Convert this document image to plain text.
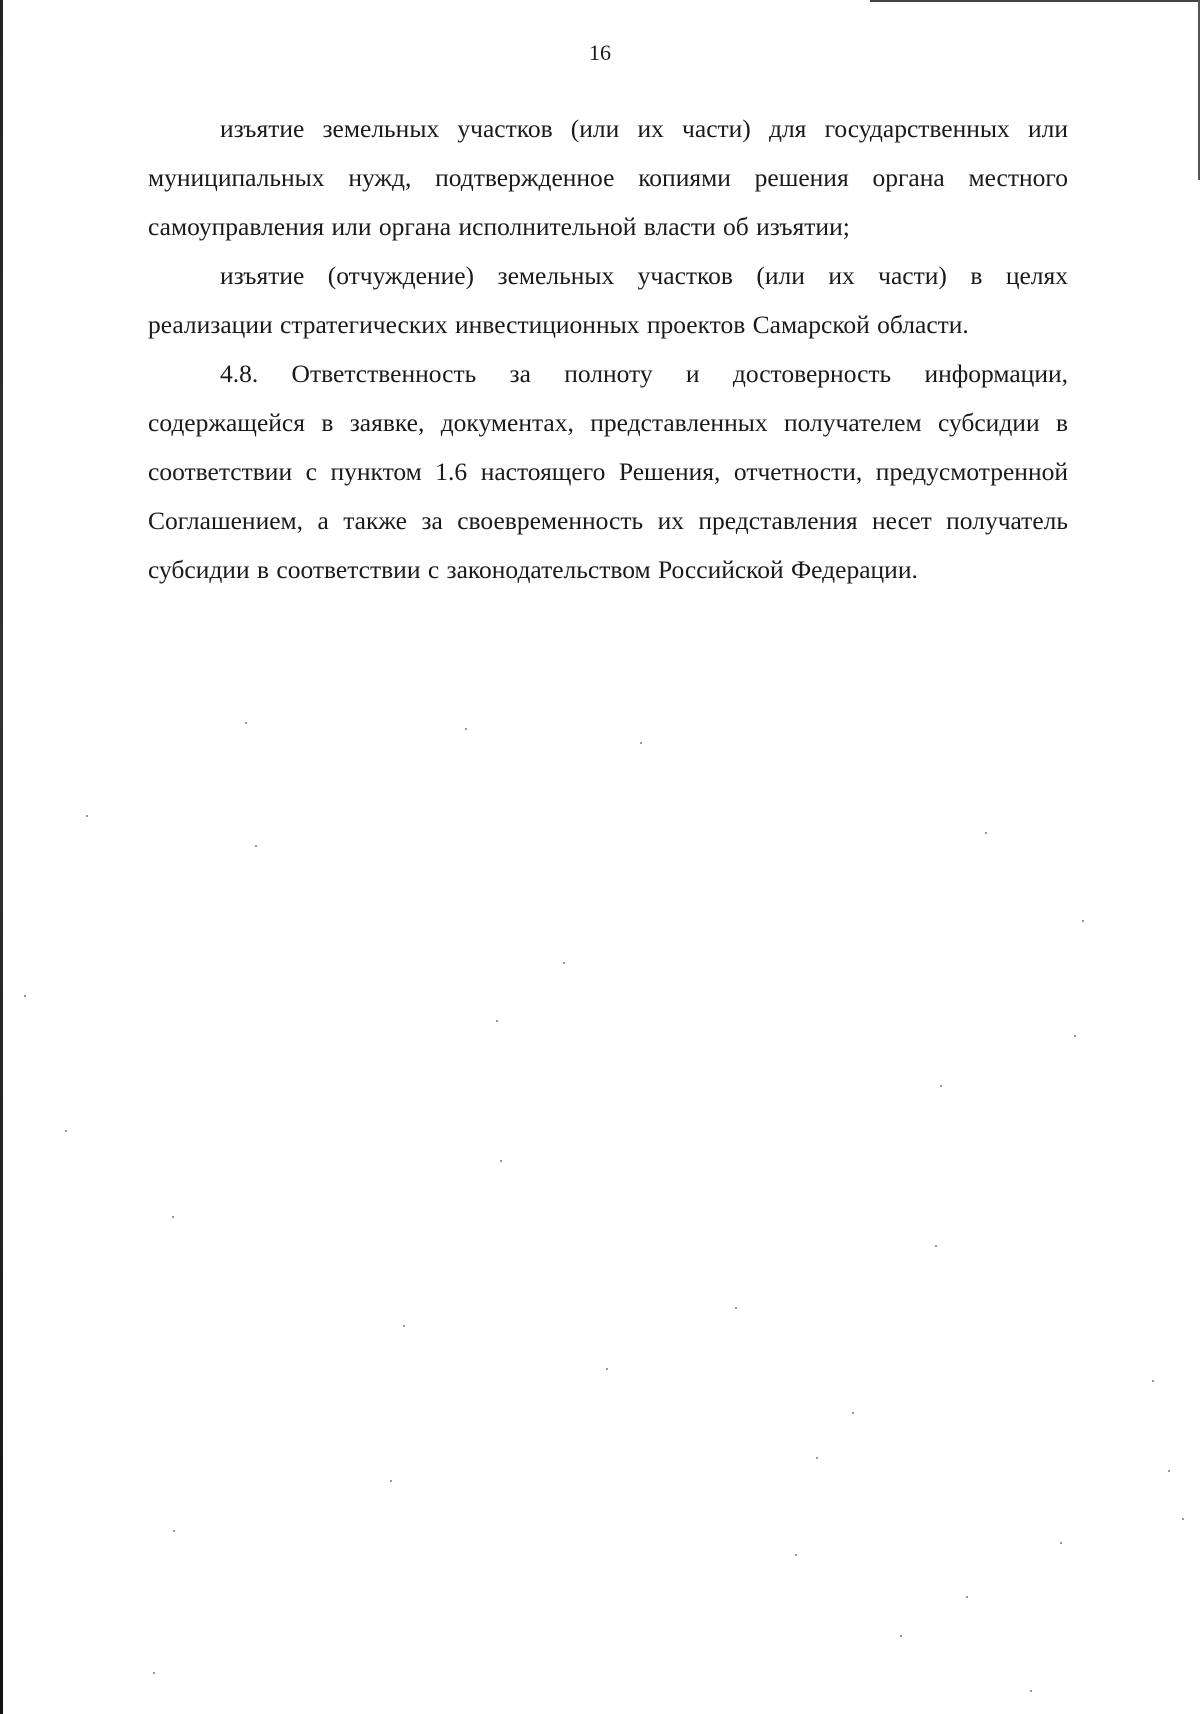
16

изъятие земельных участков (или их части) для государственных или муниципальных нужд, подтвержденное копиями решения органа местного самоуправления или органа исполнительной власти об изъятии;

изъятие (отчуждение) земельных участков (или их части) в целях реализации стратегических инвестиционных проектов Самарской области.

4.8. Ответственность за полноту и достоверность информации, содержащейся в заявке, документах, представленных получателем субсидии в соответствии с пунктом 1.6 настоящего Решения, отчетности, предусмотренной Соглашением, а также за своевременность их представления несет получатель субсидии в соответствии с законодательством Российской Федерации.
